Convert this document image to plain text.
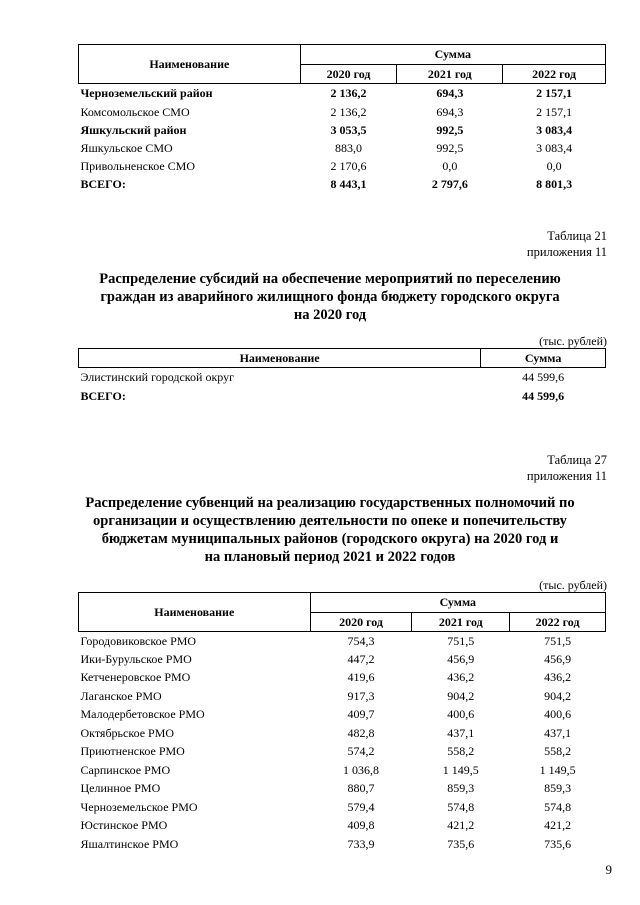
Наименование	Сумма		
	2020 год	2021 год	2022 год
Черноземельский район	2 136,2	694,3	2 157,1
Комсомольское СМО	2 136,2	694,3	2 157,1
Яшкульский район	3 053,5	992,5	3 083,4
Яшкульское СМО	883,0	992,5	3 083,4
Привольненское СМО	2 170,6	0,0	0,0
ВСЕГО:	8 443,1	2 797,6	8 801,3
Таблица 21
приложения 11
Распределение субсидий на обеспечение мероприятий по переселению
граждан из аварийного жилищного фонда бюджету городского округа
на 2020 год
(тыс. рублей)
Наименование	Сумма
Элистинский городской округ	44 599,6
ВСЕГО:	44 599,6
Таблица 27
приложения 11
Распределение субвенций на реализацию государственных полномочий по
организации и осуществлению деятельности по опеке и попечительству
бюджетам муниципальных районов (городского округа) на 2020 год и
на плановый период 2021 и 2022 годов
(тыс. рублей)
Наименование	Сумма		
	2020 год	2021 год	2022 год
Городовиковское РМО	754,3	751,5	751,5
Ики-Бурульское РМО	447,2	456,9	456,9
Кетченеровское РМО	419,6	436,2	436,2
Лаганское РМО	917,3	904,2	904,2
Малодербетовское РМО	409,7	400,6	400,6
Октябрьское РМО	482,8	437,1	437,1
Приютненское РМО	574,2	558,2	558,2
Сарпинское РМО	1 036,8	1 149,5	1 149,5
Целинное РМО	880,7	859,3	859,3
Черноземельское РМО	579,4	574,8	574,8
Юстинское РМО	409,8	421,2	421,2
Яшалтинское РМО	733,9	735,6	735,6
9
